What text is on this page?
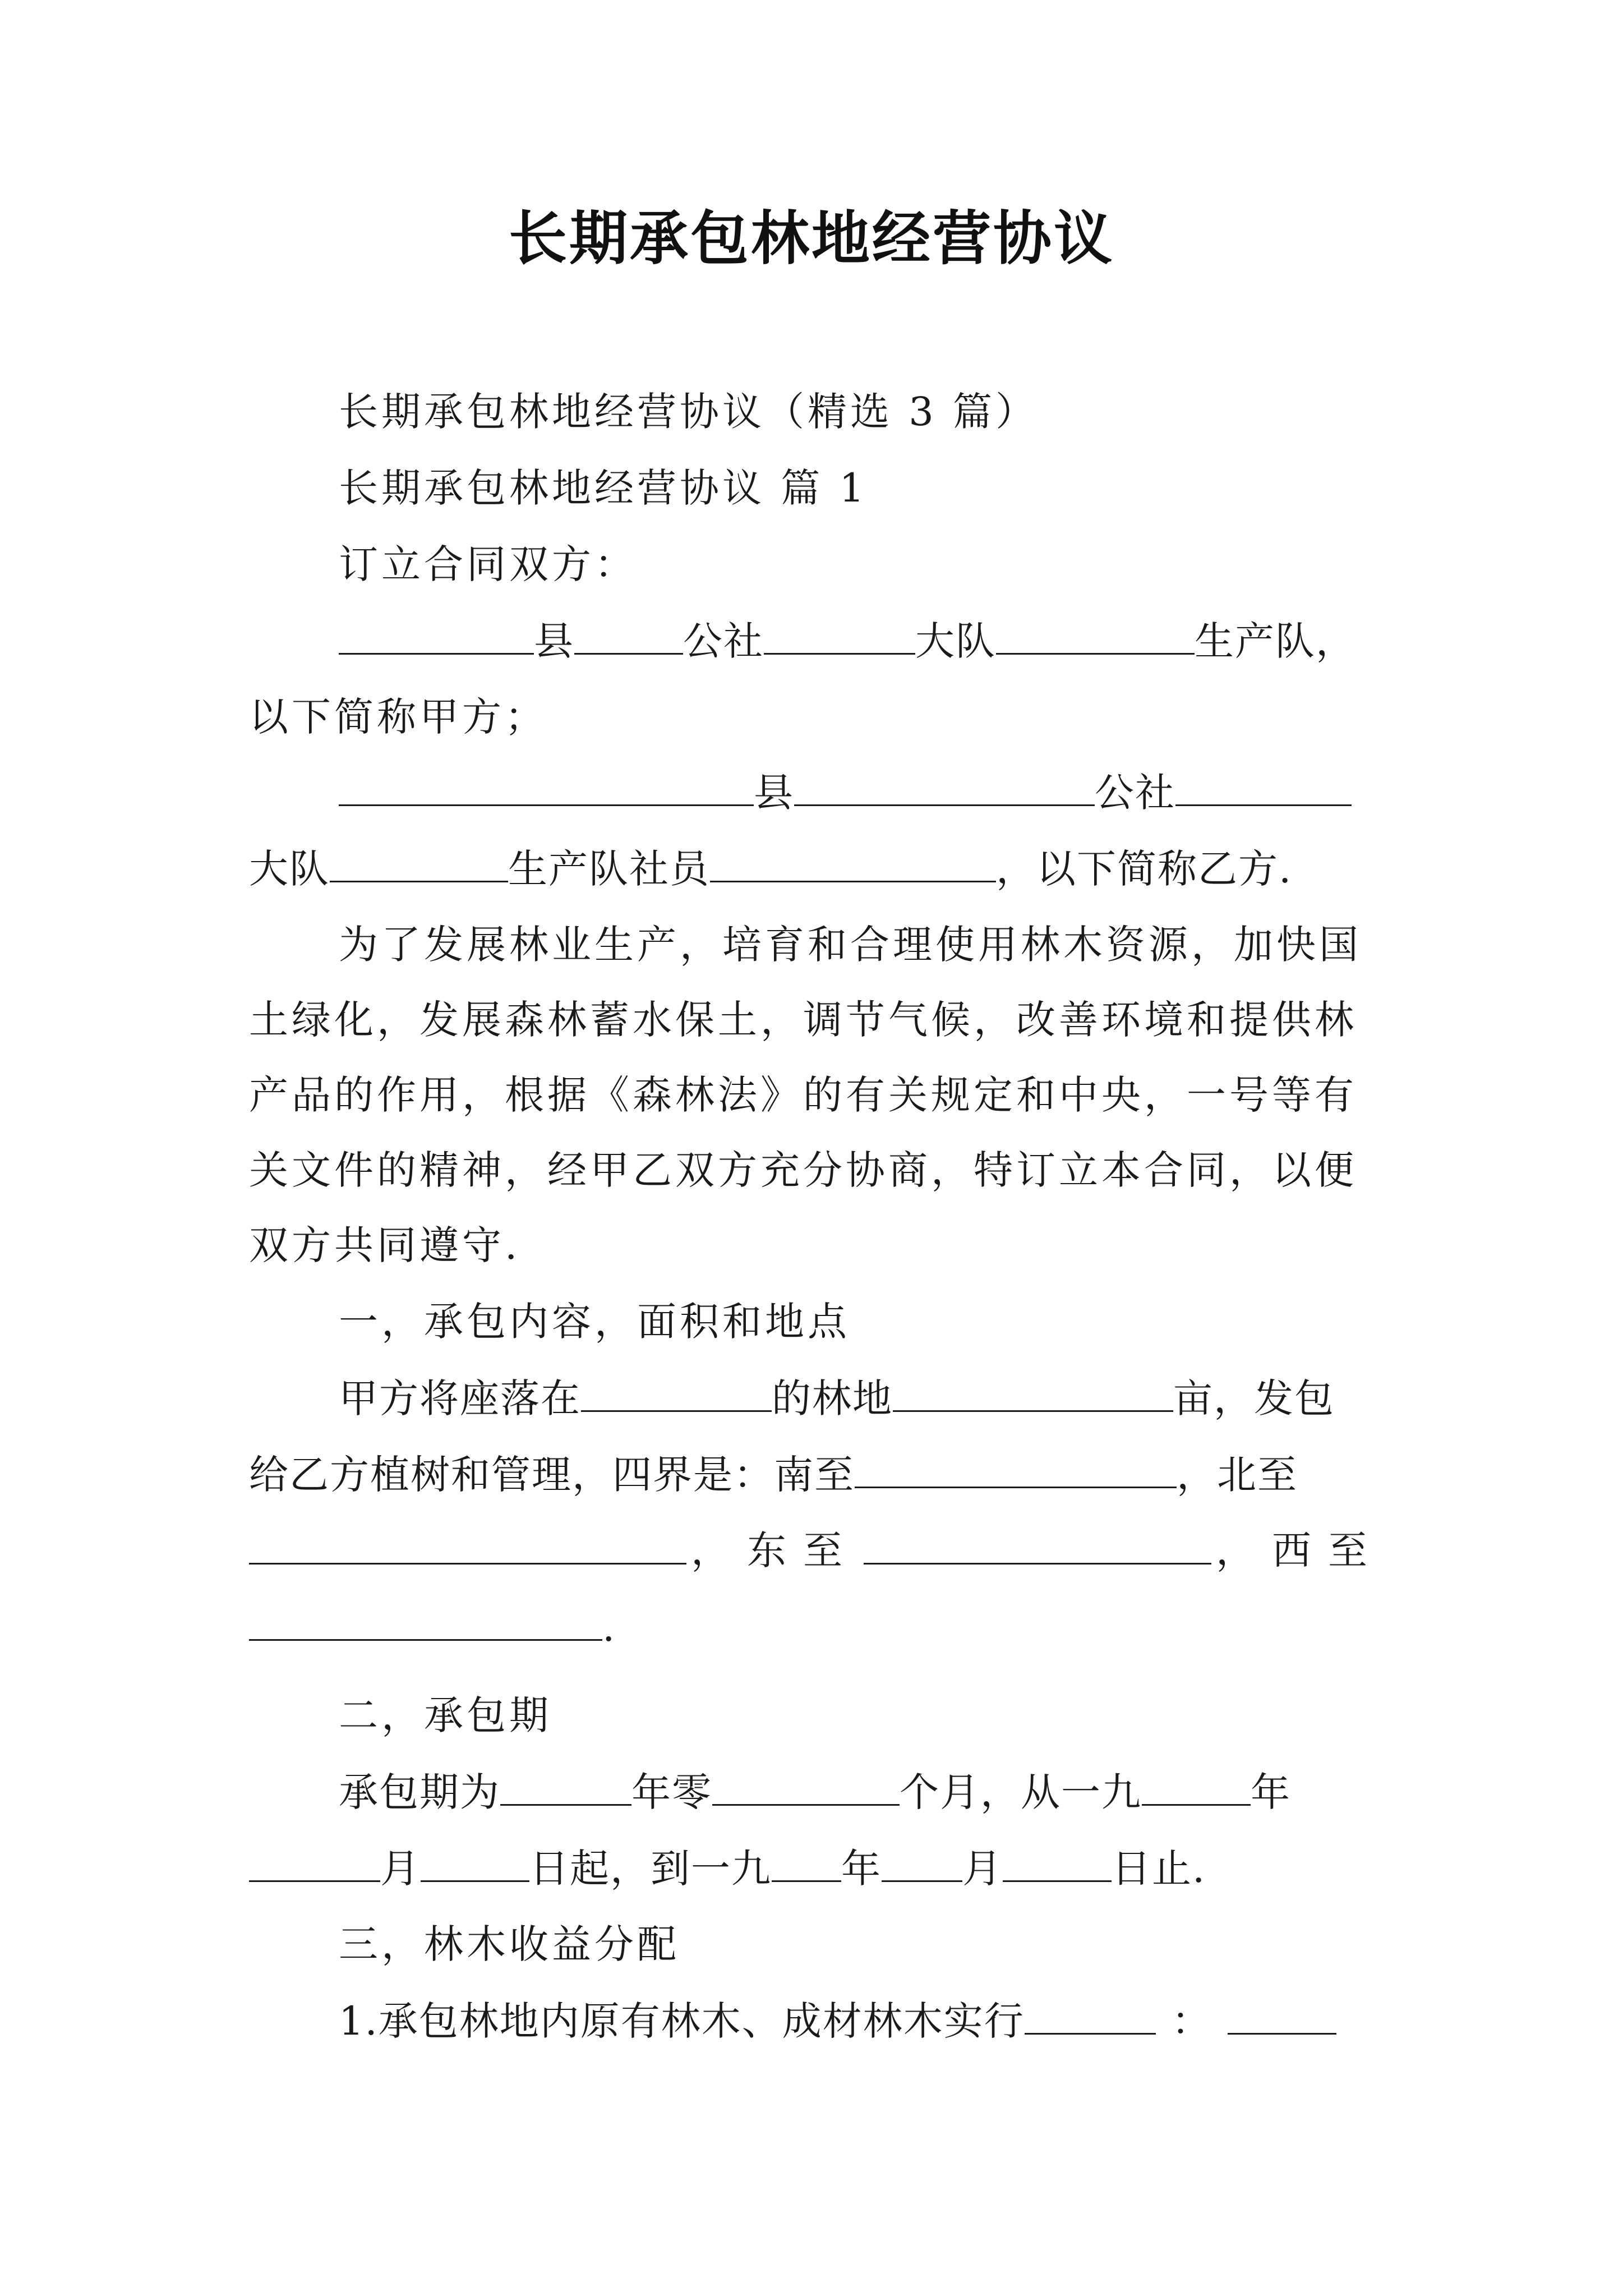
长期承包林地经营协议
长期承包林地经营协议（精选 3 篇）
长期承包林地经营协议 篇 1
订立合同双方：
县	公社	大队	生产队，
以下简称甲方；
县	公社
大队	生产队社员	，以下简称乙方.
为了发展林业生产，培育和合理使用林木资源，加快国
土绿化，发展森林蓄水保土，调节气候，改善环境和提供林
产品的作用，根据《森林法》的有关规定和中央，一号等有
关文件的精神，经甲乙双方充分协商，特订立本合同，以便
双方共同遵守.
一，承包内容，面积和地点
甲方将座落在	的林地	亩，发包
给乙方植树和管理，四界是：南至	，北至
，东至	，西至
.
二，承包期
承包期为	年零	个月，从一九	年
月	日起，到一九 年 月	日止.
三，林木收益分配
1.承包林地内原有林木、成材林木实行	：
